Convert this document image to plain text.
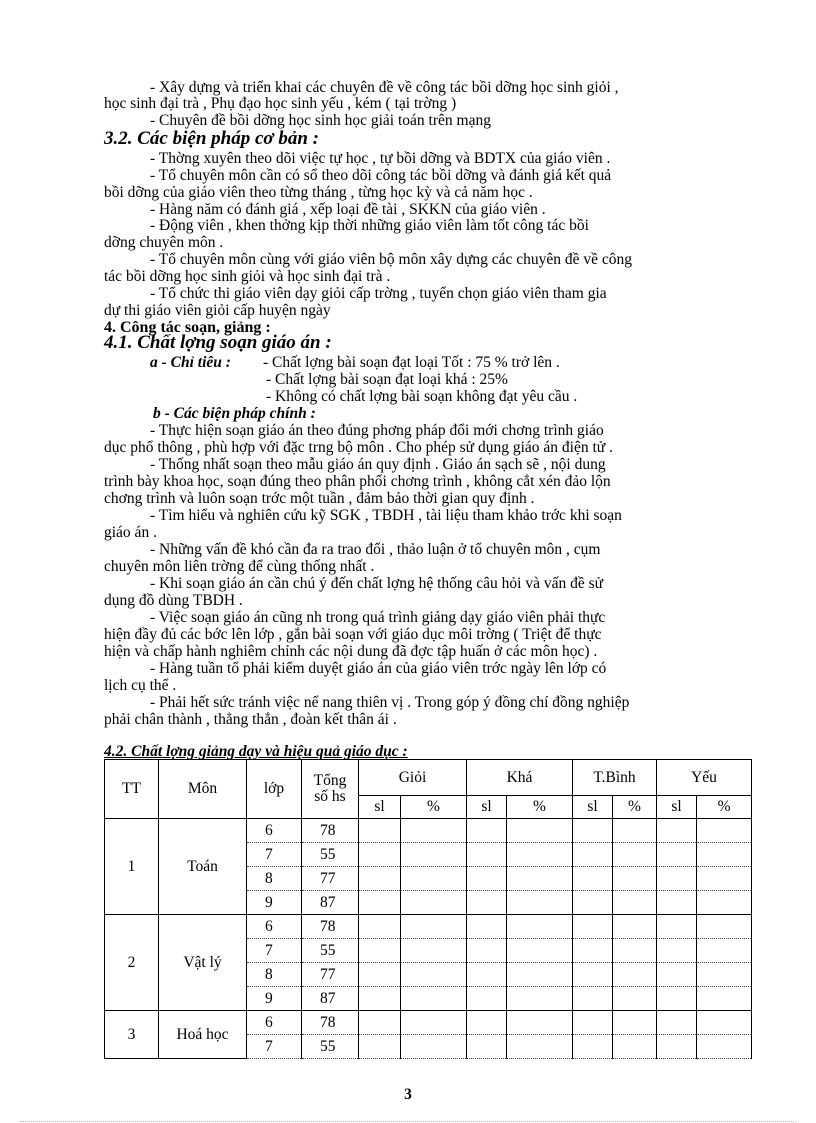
- Xây dựng và triển khai các chuyên đề về công tác bồi dỡng học sinh giỏi ,
học sinh đại trà , Phụ đạo học sinh yếu , kém ( tại trờng )
- Chuyên đề bồi dỡng học sinh học giải toán trên mạng
3.2. Các biện pháp cơ bản :
- Thờng xuyên theo dõi việc tự học , tự bồi dỡng và BDTX của giáo viên .
- Tổ chuyên môn cần có sổ theo dõi công tác bồi dỡng và đánh giá kết quả
bồi dỡng của giáo viên theo từng tháng , từng học kỳ và cả năm học .
- Hàng năm có đánh giá , xếp loại đề tài , SKKN của giáo viên .
- Động viên , khen thởng kịp thời những giáo viên làm tốt công tác bồi
dỡng chuyên môn .
- Tổ chuyên môn cùng với giáo viên bộ môn xây dựng các chuyên đề về công
tác bồi dỡng học sinh giỏi và học sinh đại trà .
- Tổ chức thi giáo viên dạy giỏi cấp trờng , tuyển chọn giáo viên tham gia
dự thi giáo viên giỏi cấp huyện ngày
4. Công tác soạn, giảng :
4.1. Chất lợng soạn giáo án :
a - Chỉ tiêu : - Chất lợng bài soạn đạt loại Tốt : 75 % trở lên .
- Chất lợng bài soạn đạt loại khá : 25%
- Không có chất lợng bài soạn không đạt yêu cầu .
b - Các biện pháp chính :
- Thực hiện soạn giáo án theo đúng phơng pháp đổi mới chơng trình giáo
dục phổ thông , phù hợp với đặc trng bộ môn . Cho phép sử dụng giáo án điện tử .
- Thống nhất soạn theo mẫu giáo án quy định . Giáo án sạch sẽ , nội dung
trình bày khoa học, soạn đúng theo phân phối chơng trình , không cắt xén đảo lộn
chơng trình và luôn soạn trớc một tuần , đảm bảo thời gian quy định .
- Tìm hiểu và nghiên cứu kỹ SGK , TBDH , tài liệu tham khảo trớc khi soạn
giáo án .
- Những vấn đề khó cần đa ra trao đổi , thảo luận ở tổ chuyên môn , cụm
chuyên môn liên trờng để cùng thống nhất .
- Khi soạn giáo án cần chú ý đến chất lợng hệ thống câu hỏi và vấn đề sử
dụng đồ dùng TBDH .
- Việc soạn giáo án cũng nh trong quá trình giảng dạy giáo viên phải thực
hiện đầy đủ các bớc lên lớp , gắn bài soạn với giáo dục môi trờng ( Triệt để thực
hiện và chấp hành nghiêm chỉnh các nội dung đã đợc tập huấn ở các môn học) .
- Hàng tuần tổ phải kiểm duyệt giáo án của giáo viên trớc ngày lên lớp có
lịch cụ thể .
- Phải hết sức tránh việc nể nang thiên vị . Trong góp ý đồng chí đồng nghiệp
phải chân thành , thẳng thắn , đoàn kết thân ái .
4.2. Chất lợng giảng dạy và hiệu quả giáo dục :
TT	Môn	lớp	Tổng số hs	Giỏi		Khá		T.Bình		Yếu	
				sl	%	sl	%	sl	%	sl	%
1	Toán	6	78								
		7	55								
		8	77								
		9	87								
2	Vật lý	6	78								
		7	55								
		8	77								
		9	87								
3	Hoá học	6	78								
		7	55								
3
